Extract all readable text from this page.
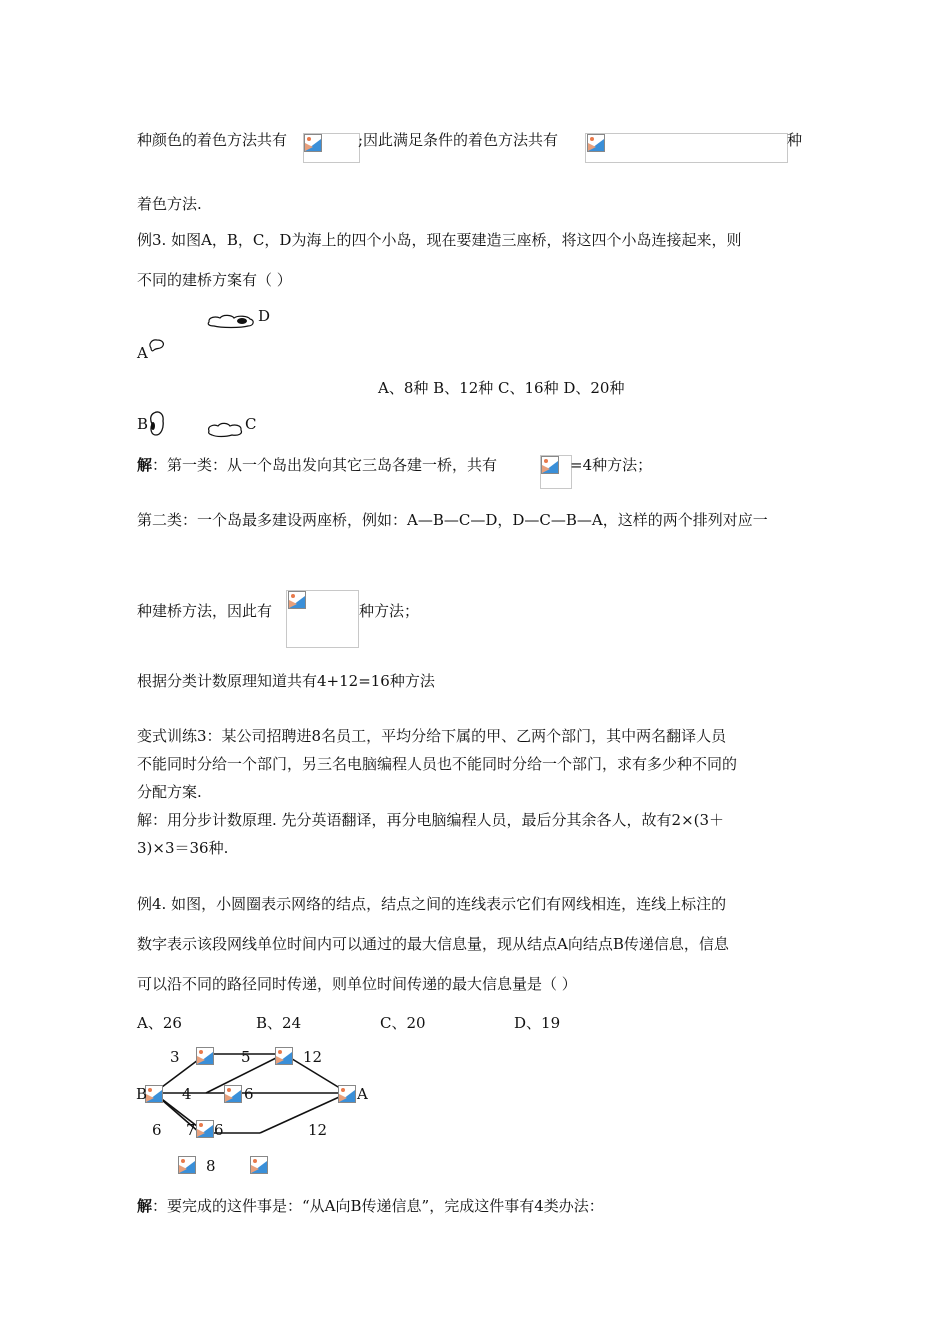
种颜色的着色方法共有	;因此满足条件的着色方法共有	种
着色方法.
例3. 如图A，B，C，D为海上的四个小岛，现在要建造三座桥，将这四个小岛连接起来，则
不同的建桥方案有（ ）
D
A
A、8种 B、12种 C、16种 D、20种
B	C
解 ：第一类：从一个岛出发向其它三岛各建一桥，共有	=4种方法；
第二类：一个岛最多建设两座桥，例如：A—B—C—D，D—C—B—A，这样的两个排列对应一
种建桥方法，因此有	种方法；
根据分类计数原理知道共有4+12=16种方法
变式训练3：某公司招聘进8名员工，平均分给下属的甲、乙两个部门，其中两名翻译人员
不能同时分给一个部门，另三名电脑编程人员也不能同时分给一个部门，求有多少种不同的
分配方案.
解：用分步计数原理. 先分英语翻译，再分电脑编程人员，最后分其余各人，故有2×(3＋
3)×3＝36种.
例4. 如图，小圆圈表示网络的结点，结点之间的连线表示它们有网线相连，连线上标注的
数字表示该段网线单位时间内可以通过的最大信息量，现从结点A向结点B传递信息，信息
可以沿不同的路径同时传递，则单位时间传递的最大信息量是（ ）
A、26	B、24	C、20	D、19
3	5	12
B 4	6	A
6 7 6	12
8
解 ：要完成的这件事是：“从A向B传递信息”，完成这件事有4类办法：
